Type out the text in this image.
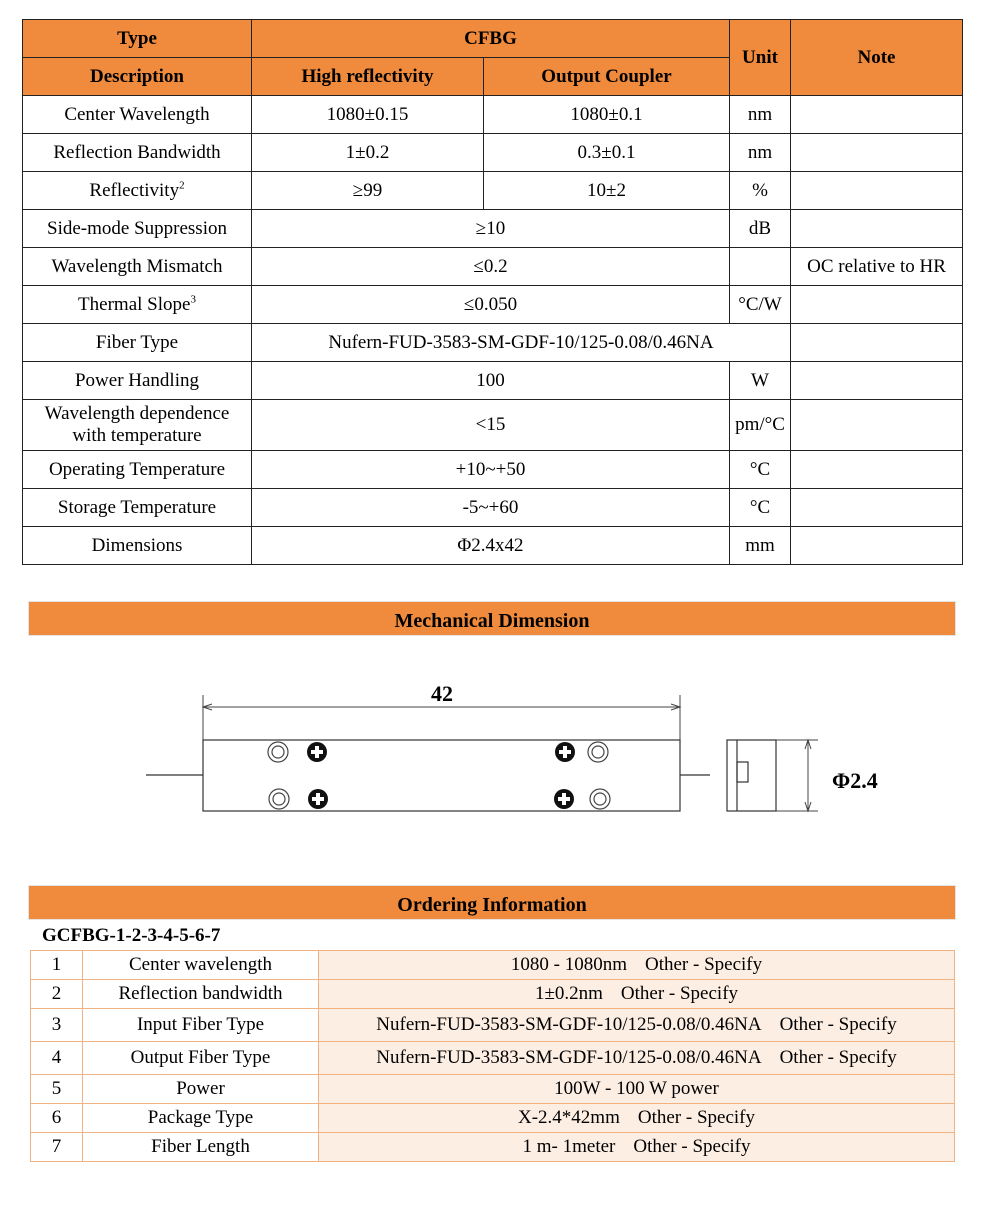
Type	CFBG		Unit	Note
Description	High reflectivity	Output Coupler		
Center Wavelength	1080±0.15	1080±0.1	nm	
Reflection Bandwidth	1±0.2	0.3±0.1	nm	
Reflectivity$^2$	≥99	10±2	%	
Side-mode Suppression	≥10		dB	
Wavelength Mismatch	≤0.2			OC relative to HR
Thermal Slope$^3$	≤0.050		°C/W	
Fiber Type	Nufern-FUD-3583-SM-GDF-10/125-0.08/0.46NA			
Power Handling	100		W	
Wavelength dependence
with temperature	<15		pm/°C	
Operating Temperature	+10~+50		°C	
Storage Temperature	-5~+60		°C	
Dimensions	Φ2.4x42		mm	
Mechanical Dimension
42
Φ2.4
Ordering Information
GCFBG-1-2-3-4-5-6-7
1	Center wavelength	1080 - 1080nm Other - Specify
2	Reflection bandwidth	1±0.2nm Other - Specify
3	Input Fiber Type	Nufern-FUD-3583-SM-GDF-10/125-0.08/0.46NA Other - Specify
4	Output Fiber Type	Nufern-FUD-3583-SM-GDF-10/125-0.08/0.46NA Other - Specify
5	Power	100W - 100 W power
6	Package Type	X-2.4*42mm Other - Specify
7	Fiber Length	1 m- 1meter Other - Specify
